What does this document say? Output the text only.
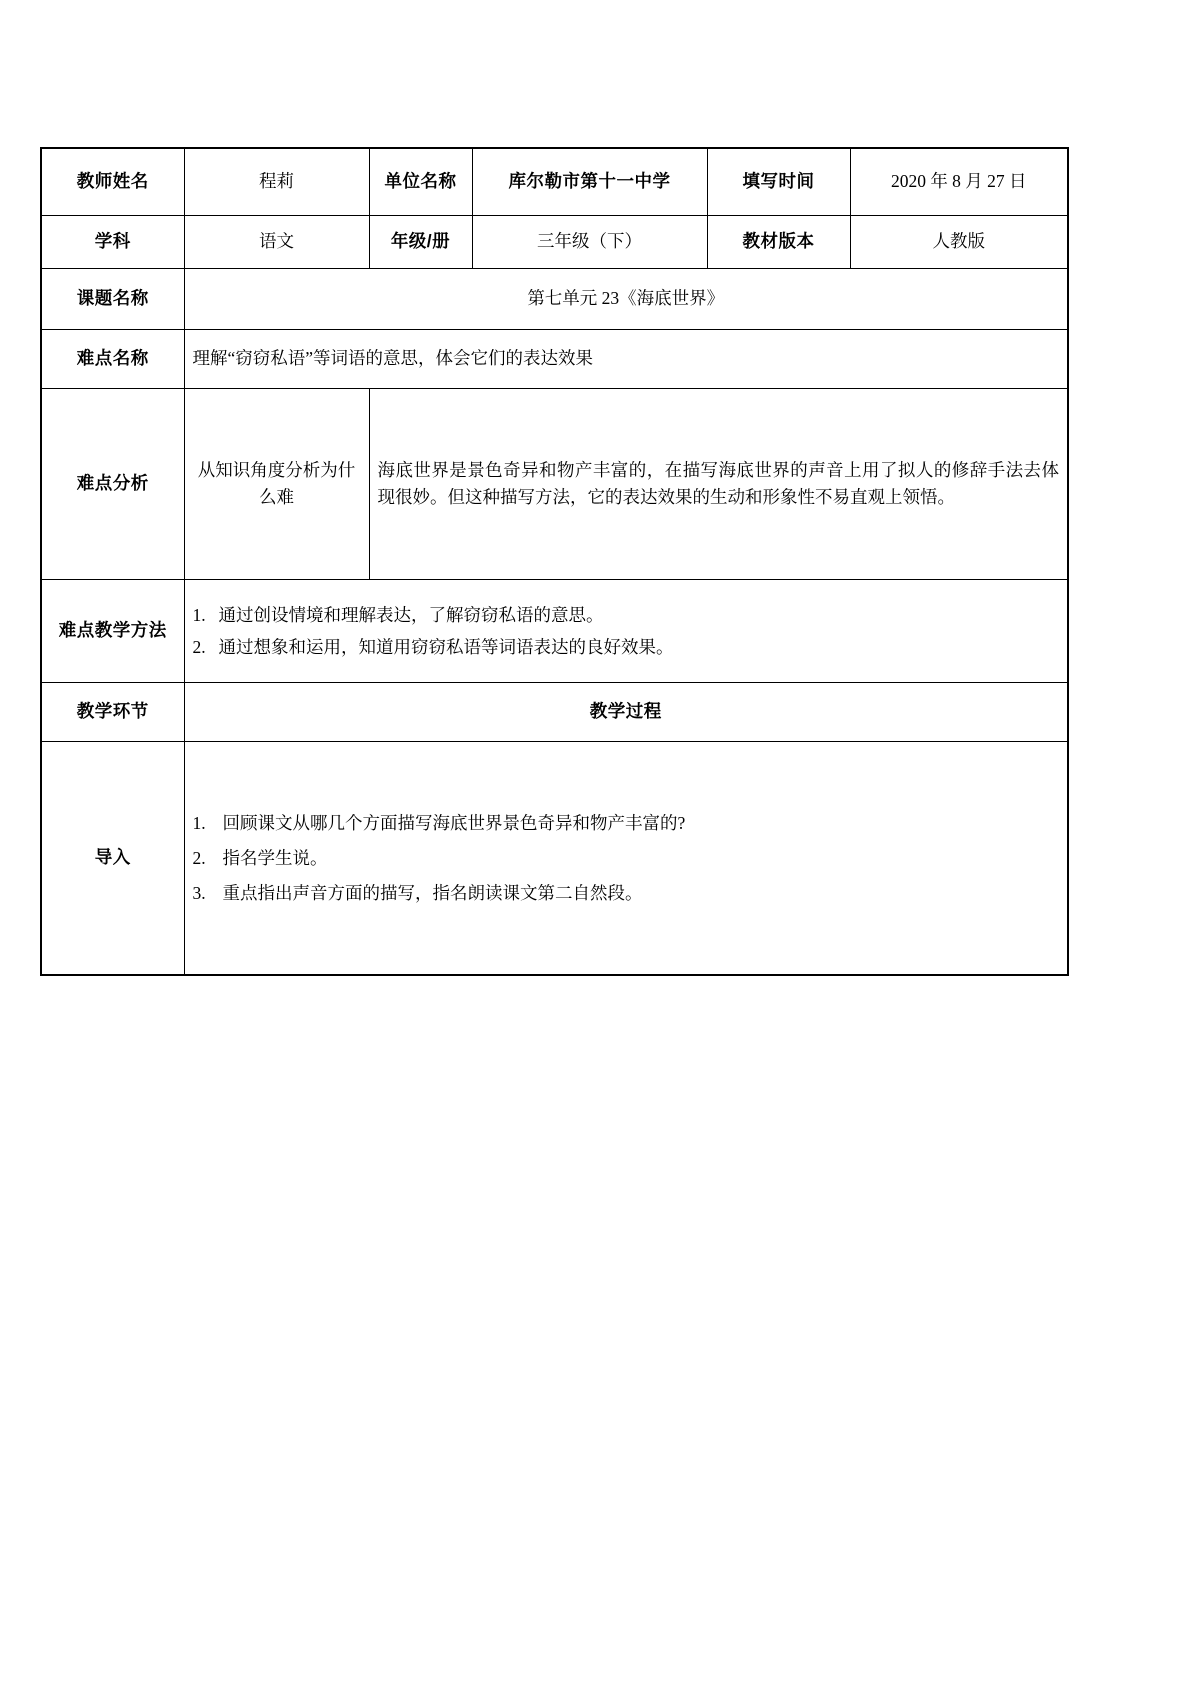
教师姓名	程莉	单位名称	库尔勒市第十一中学	填写时间	2020 年 8 月 27 日
学科	语文	年级/册	三年级（下）	教材版本	人教版
课题名称	第七单元 23《海底世界》				
难点名称	理解“窃窃私语”等词语的意思，体会它们的表达效果				
难点分析	从知识角度分析为什么难	海底世界是景色奇异和物产丰富的，在描写海底世界的声音上用了拟人的修辞手法去体现很妙。但这种描写方法，它的表达效果的生动和形象性不易直观上领悟。			
难点教学方法	1. 通过创设情境和理解表达，了解窃窃私语的意思。
2. 通过想象和运用，知道用窃窃私语等词语表达的良好效果。				

教学环节	教学过程				
导入	1. 回顾课文从哪几个方面描写海底世界景色奇异和物产丰富的?
2. 指名学生说。
3. 重点指出声音方面的描写，指名朗读课文第二自然段。				
